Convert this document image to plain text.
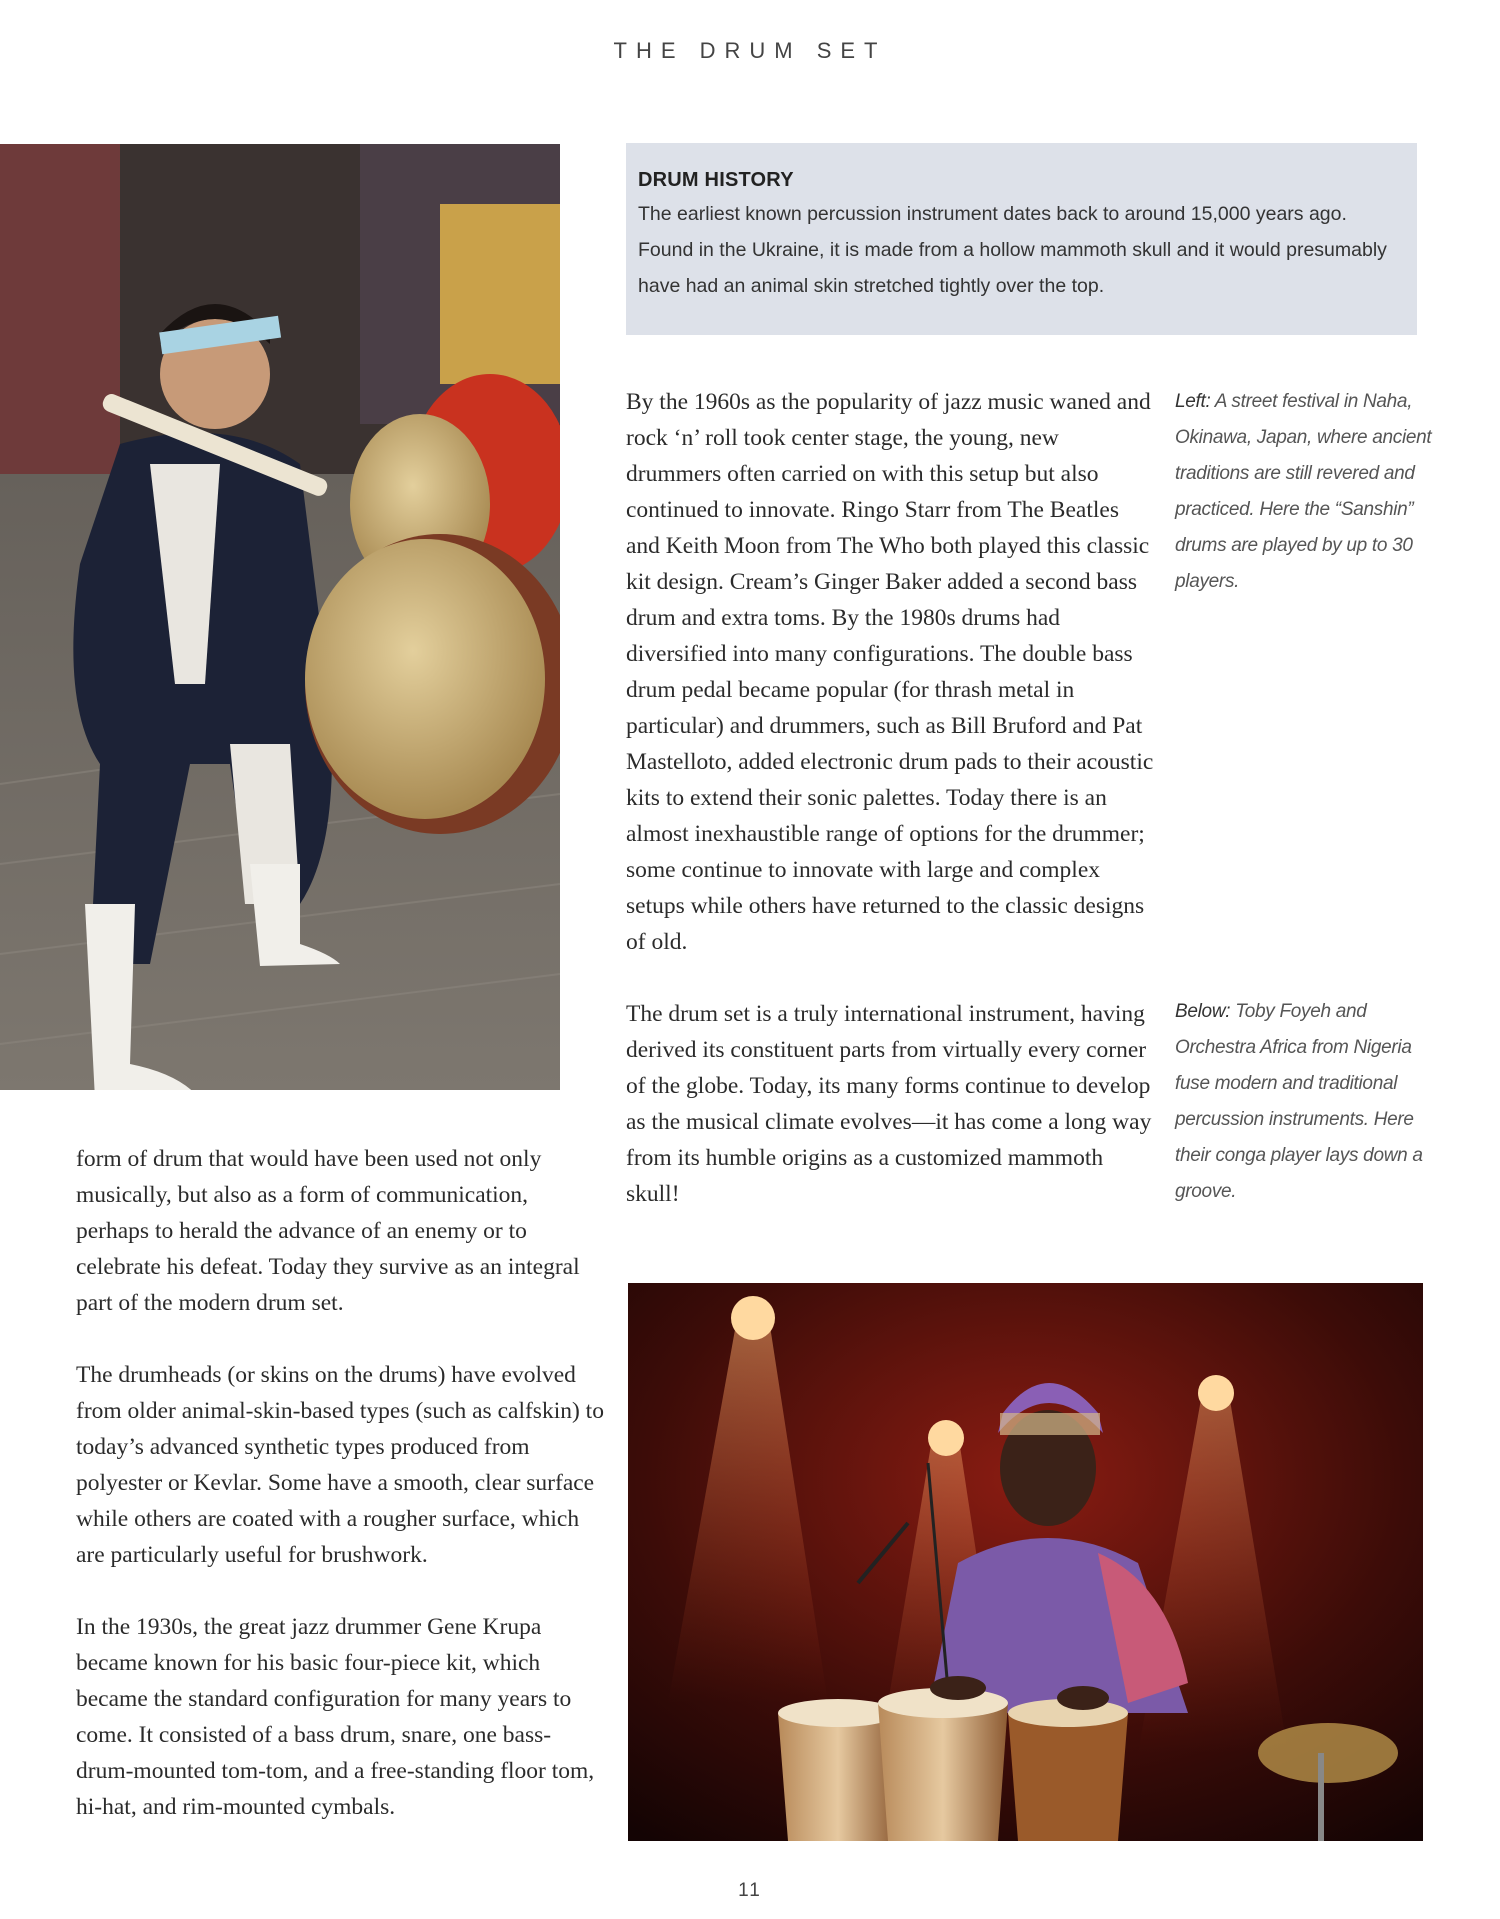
THE DRUM SET
DRUM HISTORY

The earliest known percussion instrument dates back to around 15,000 years ago. Found in the Ukraine, it is made from a hollow mammoth skull and it would presumably have had an animal skin stretched tightly over the top.

By the 1960s as the popularity of jazz music waned and rock ‘n’ roll took center stage, the young, new drummers often carried on with this setup but also continued to innovate. Ringo Starr from The Beatles and Keith Moon from The Who both played this classic kit design. Cream’s Ginger Baker added a second bass drum and extra toms. By the 1980s drums had diversified into many configurations. The double bass drum pedal became popular (for thrash metal in particular) and drummers, such as Bill Bruford and Pat Mastelloto, added electronic drum pads to their acoustic kits to extend their sonic palettes. Today there is an almost inexhaustible range of options for the drummer; some continue to innovate with large and complex setups while others have returned to the classic designs of old.

The drum set is a truly international instrument, having derived its constituent parts from virtually every corner of the globe. Today, its many forms continue to develop as the musical climate evolves—it has come a long way from its humble origins as a customized mammoth skull!

Left: A street festival in Naha, Okinawa, Japan, where ancient traditions are still revered and practiced. Here the “Sanshin” drums are played by up to 30 players.
Below: Toby Foyeh and Orchestra Africa from Nigeria fuse modern and traditional percussion instruments. Here their conga player lays down a groove.

form of drum that would have been used not only musically, but also as a form of communication, perhaps to herald the advance of an enemy or to celebrate his defeat. Today they survive as an integral part of the modern drum set.

The drumheads (or skins on the drums) have evolved from older animal-skin-based types (such as calfskin) to today’s advanced synthetic types produced from polyester or Kevlar. Some have a smooth, clear surface while others are coated with a rougher surface, which are particularly useful for brushwork.

In the 1930s, the great jazz drummer Gene Krupa became known for his basic four-piece kit, which became the standard configuration for many years to come. It consisted of a bass drum, snare, one bass-drum-mounted tom-tom, and a free-standing floor tom, hi-hat, and rim-mounted cymbals.

11
